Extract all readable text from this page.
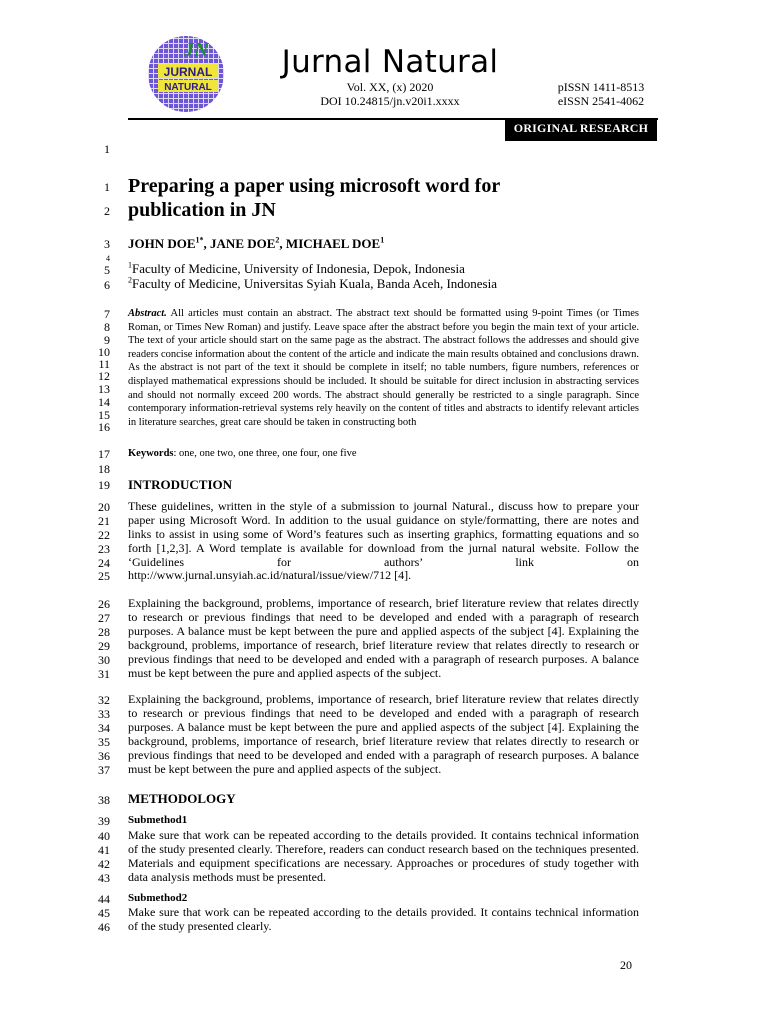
JN
JURNAL
NATURAL
Jurnal Natural
Vol. XX, (x) 2020
DOI 10.24815/jn.v20i1.xxxx
pISSN 1411-8513
eISSN 2541-4062
ORIGINAL RESEARCH
1
1
2
3
4
5
6
7
8
9
10
11
12
13
14
15
16
17
18
19
20
21
22
23
24
25
26
27
28
29
30
31
32
33
34
35
36
37
38
39
40
41
42
43
44
45
46
Preparing a paper using microsoft word for
publication in JN
JOHN $DOE^{1*}$, JANE DOE$^2$, MICHAEL DOE$^1$
$^1$Faculty of Medicine, University of Indonesia, Depok, Indonesia
$^2$Faculty of Medicine, Universitas Syiah Kuala, Banda Aceh, Indonesia
Abstract. All articles must contain an abstract. The abstract text should be formatted using 9-point Times (or Times Roman, or Times New Roman) and justify. Leave space after the abstract before you begin the main text of your article. The text of your article should start on the same page as the abstract. The abstract follows the addresses and should give readers concise information about the content of the article and indicate the main results obtained and conclusions drawn. As the abstract is not part of the text it should be complete in itself; no table numbers, figure numbers, references or displayed mathematical expressions should be included. It should be suitable for direct inclusion in abstracting services and should not normally exceed 200 words. The abstract should generally be restricted to a single paragraph. Since contemporary information-retrieval systems rely heavily on the content of titles and abstracts to identify relevant articles in literature searches, great care should be taken in constructing both
Keywords: one, one two, one three, one four, one five
INTRODUCTION
These guidelines, written in the style of a submission to journal Natural., discuss how to prepare your paper using Microsoft Word. In addition to the usual guidance on style/formatting, there are notes and links to assist in using some of Word’s features such as inserting graphics, formatting equations and so forth [1,2,3]. A Word template is available for download from the jurnal natural website. Follow the ‘Guidelines for authors’ link on
http://www.jurnal.unsyiah.ac.id/natural/issue/view/712 [4].
Explaining the background, problems, importance of research, brief literature review that relates directly to research or previous findings that need to be developed and ended with a paragraph of research purposes. A balance must be kept between the pure and applied aspects of the subject [4]. Explaining the background, problems, importance of research, brief literature review that relates directly to research or previous findings that need to be developed and ended with a paragraph of research purposes. A balance must be kept between the pure and applied aspects of the subject.
Explaining the background, problems, importance of research, brief literature review that relates directly to research or previous findings that need to be developed and ended with a paragraph of research purposes. A balance must be kept between the pure and applied aspects of the subject [4]. Explaining the background, problems, importance of research, brief literature review that relates directly to research or previous findings that need to be developed and ended with a paragraph of research purposes. A balance must be kept between the pure and applied aspects of the subject.
METHODOLOGY
Submethod1
Make sure that work can be repeated according to the details provided. It contains technical information of the study presented clearly. Therefore, readers can conduct research based on the techniques presented. Materials and equipment specifications are necessary. Approaches or procedures of study together with data analysis methods must be presented.
Submethod2
Make sure that work can be repeated according to the details provided. It contains technical information of the study presented clearly.
20
